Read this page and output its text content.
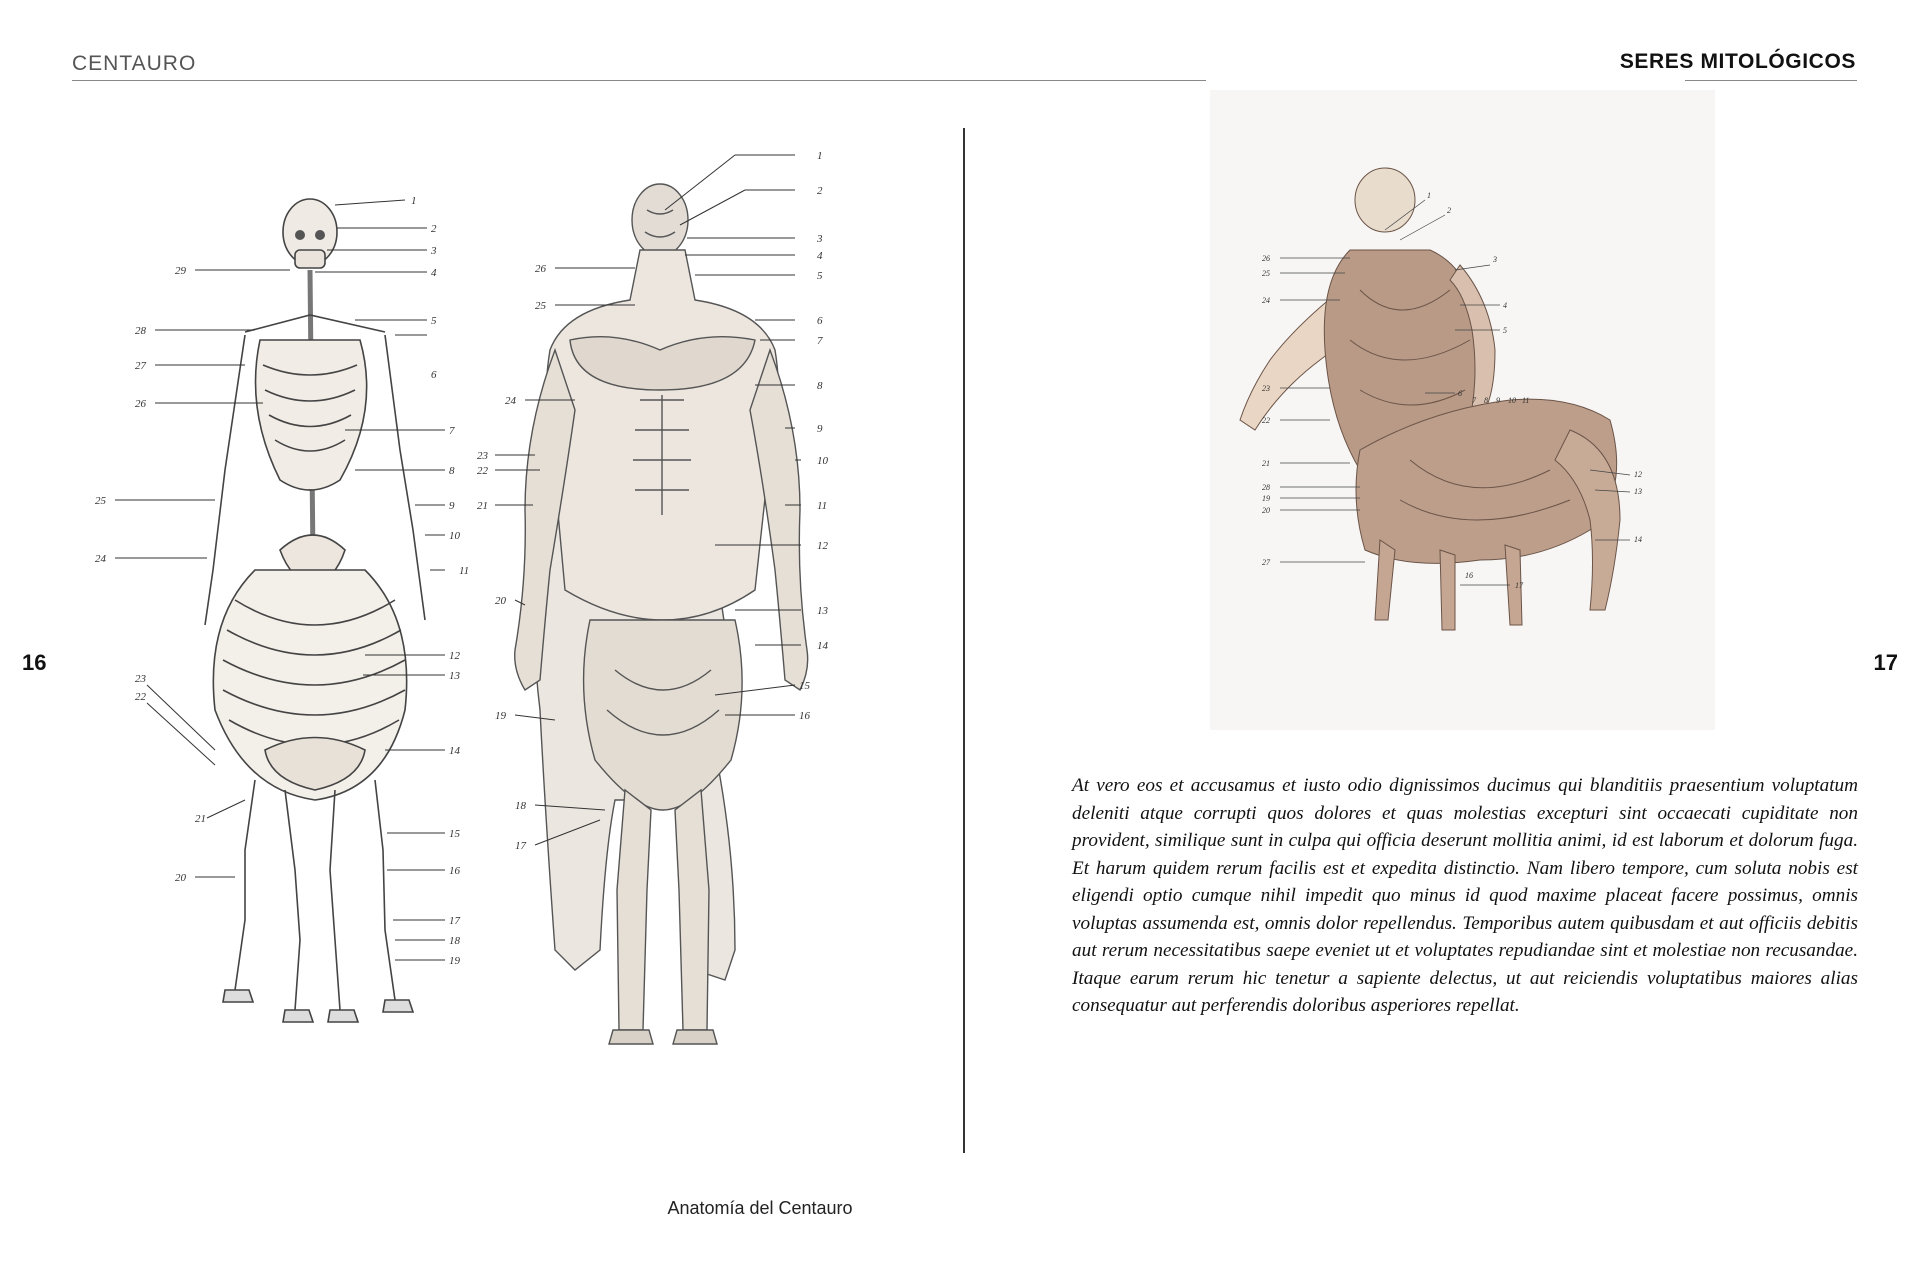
CENTAURO	SERES MITOLÓGICOS
16	17
1
2
3
4
5
6
7
8
9
10
11
12
13
14
15
16
17
18
19
29
28
27
26
25
24
23
22
21
20
1
2
3
4
5
6
7
8
9
10
11
12
13
14
15
16
26
25
24
23
22
21
20
19
18
17
1
2
3
4
5
6
7 8 9 10 11
12
13
14
16
17
19
20
21
22
23
24
25
26
27
28

At vero eos et accusamus et iusto odio dignissimos ducimus qui blanditiis praesentium voluptatum deleniti atque corrupti quos dolores et quas molestias excepturi sint occaecati cupiditate non provident, similique sunt in culpa qui officia deserunt mollitia animi, id est laborum et dolorum fuga. Et harum quidem rerum facilis est et expedita distinctio. Nam libero tempore, cum soluta nobis est eligendi optio cumque nihil impedit quo minus id quod maxime placeat facere possimus, omnis voluptas assumenda est, omnis dolor repellendus. Temporibus autem quibusdam et aut officiis debitis aut rerum necessitatibus saepe eveniet ut et voluptates repudiandae sint et molestiae non recusandae. Itaque earum rerum hic tenetur a sapiente delectus, ut aut reiciendis voluptatibus maiores alias consequatur aut perferendis doloribus asperiores repellat.

Anatomía del Centauro
